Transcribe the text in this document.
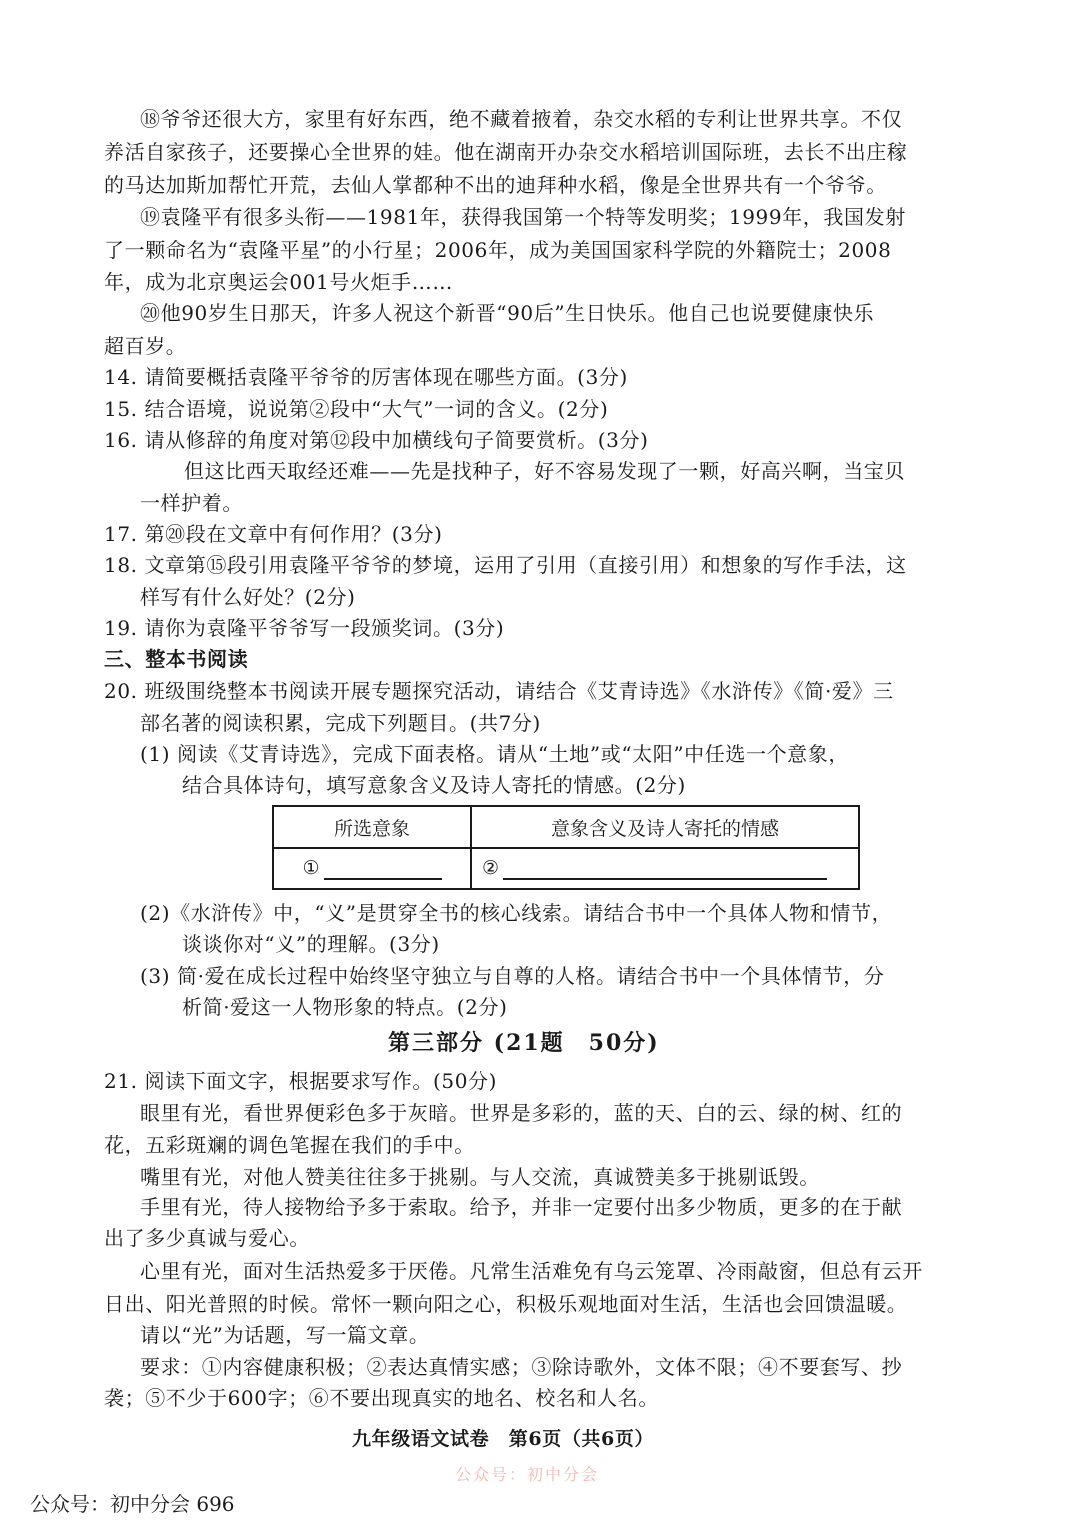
⑱爷爷还很大方，家里有好东西，绝不藏着掖着，杂交水稻的专利让世界共享。不仅
养活自家孩子，还要操心全世界的娃。他在湖南开办杂交水稻培训国际班，去长不出庄稼
的马达加斯加帮忙开荒，去仙人掌都种不出的迪拜种水稻，像是全世界共有一个爷爷。
⑲袁隆平有很多头衔——1981年，获得我国第一个特等发明奖；1999年，我国发射
了一颗命名为“袁隆平星”的小行星；2006年，成为美国国家科学院的外籍院士；2008
年，成为北京奥运会001号火炬手……
⑳他90岁生日那天，许多人祝这个新晋“90后”生日快乐。他自己也说要健康快乐
超百岁。
14. 请简要概括袁隆平爷爷的厉害体现在哪些方面。(3分)
15. 结合语境，说说第②段中“大气”一词的含义。(2分)
16. 请从修辞的角度对第⑫段中加横线句子简要赏析。(3分)
但这比西天取经还难——先是找种子，好不容易发现了一颗，好高兴啊，当宝贝
一样护着。
17. 第⑳段在文章中有何作用？(3分)
18. 文章第⑮段引用袁隆平爷爷的梦境，运用了引用（直接引用）和想象的写作手法，这
样写有什么好处？(2分)
19. 请你为袁隆平爷爷写一段颁奖词。(3分)
三、整本书阅读
20. 班级围绕整本书阅读开展专题探究活动，请结合《艾青诗选》《水浒传》《简·爱》三
部名著的阅读积累，完成下列题目。(共7分)
(1) 阅读《艾青诗选》，完成下面表格。请从“土地”或“太阳”中任选一个意象，
结合具体诗句，填写意象含义及诗人寄托的情感。(2分)
所选意象	意象含义及诗人寄托的情感
①	②
(2)《水浒传》中，“义”是贯穿全书的核心线索。请结合书中一个具体人物和情节，
谈谈你对“义”的理解。(3分)
(3) 简·爱在成长过程中始终坚守独立与自尊的人格。请结合书中一个具体情节，分
析简·爱这一人物形象的特点。(2分)
第三部分 (21题　50分)
21. 阅读下面文字，根据要求写作。(50分)
眼里有光，看世界便彩色多于灰暗。世界是多彩的，蓝的天、白的云、绿的树、红的
花，五彩斑斓的调色笔握在我们的手中。
嘴里有光，对他人赞美往往多于挑剔。与人交流，真诚赞美多于挑剔诋毁。
手里有光，待人接物给予多于索取。给予，并非一定要付出多少物质，更多的在于献
出了多少真诚与爱心。
心里有光，面对生活热爱多于厌倦。凡常生活难免有乌云笼罩、冷雨敲窗，但总有云开
日出、阳光普照的时候。常怀一颗向阳之心，积极乐观地面对生活，生活也会回馈温暖。
请以“光”为话题，写一篇文章。
要求：①内容健康积极；②表达真情实感；③除诗歌外，文体不限；④不要套写、抄
袭；⑤不少于600字；⑥不要出现真实的地名、校名和人名。
九年级语文试卷　第6页（共6页）
公众号：初中分会
公众号：初中分会 696
